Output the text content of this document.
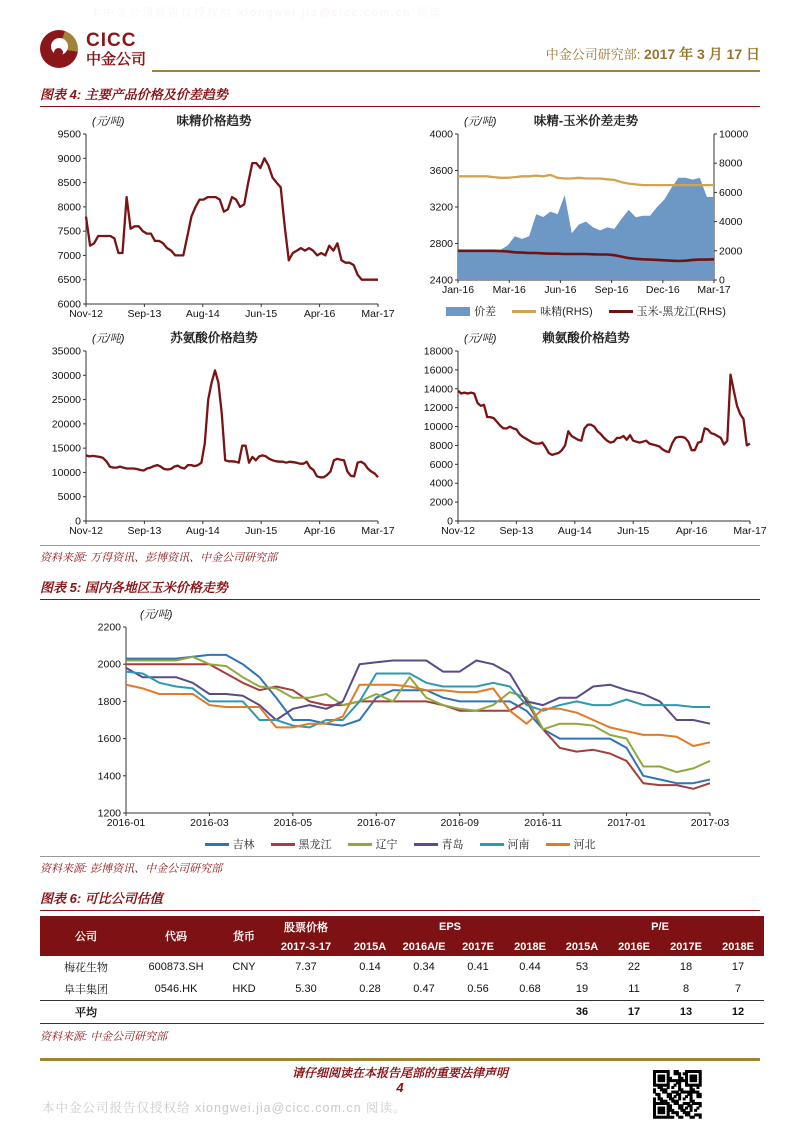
本中金公司报告仅授权给 xiongwei.jia@cicc.com.cn 阅读。
CICC
中金公司	中金公司研究部: 2017 年 3 月 17 日
图表 4: 主要产品价格及价差趋势
(元/吨)	味精价格趋势
6000
6500
7000
7500
8000
8500
9000
9500
Nov-12 Sep-13 Aug-14 Jun-15	Apr-16 Mar-17
(元/吨)	味精-玉米价差走势
2400
2800
3200
3600
4000
0
2000
4000
6000
8000
10000
Jan-16 Mar-16 Jun-16 Sep-16 Dec-16 Mar-17
价差	味精(RHS)	玉米-黑龙江(RHS)
(元/吨)	苏氨酸价格趋势
0
5000
10000
15000
20000
25000
30000
35000
Nov-12 Sep-13 Aug-14 Jun-15	Apr-16 Mar-17
(元/吨)	赖氨酸价格趋势
0
2000
4000
6000
8000
10000
12000
14000
16000
18000
Nov-12 Sep-13 Aug-14 Jun-15	Apr-16 Mar-17
资料来源: 万得资讯、彭博资讯、中金公司研究部
图表 5: 国内各地区玉米价格走势
(元/吨)
1200
1400
1600
1800
2000
2200
2016-01	2016-03	2016-05	2016-07	2016-09	2016-11	2017-01	2017-03
吉林	黑龙江	辽宁	青岛	河南	河北
资料来源: 彭博资讯、中金公司研究部
图表 6: 可比公司估值
公司	代码	货币	股票价格	EPS				P/E			
			2017-3-17	2015A	2016A/E	2017E	2018E	2015A	2016E	2017E	2018E
梅花生物	600873.SH	CNY	7.37	0.14	0.34	0.41	0.44	53	22	18	17
阜丰集团	0546.HK	HKD	5.30	0.28	0.47	0.56	0.68	19	11	8	7
平均								36	17	13	12
资料来源: 中金公司研究部
请仔细阅读在本报告尾部的重要法律声明
4
本中金公司报告仅授权给 xiongwei.jia@cicc.com.cn 阅读。
